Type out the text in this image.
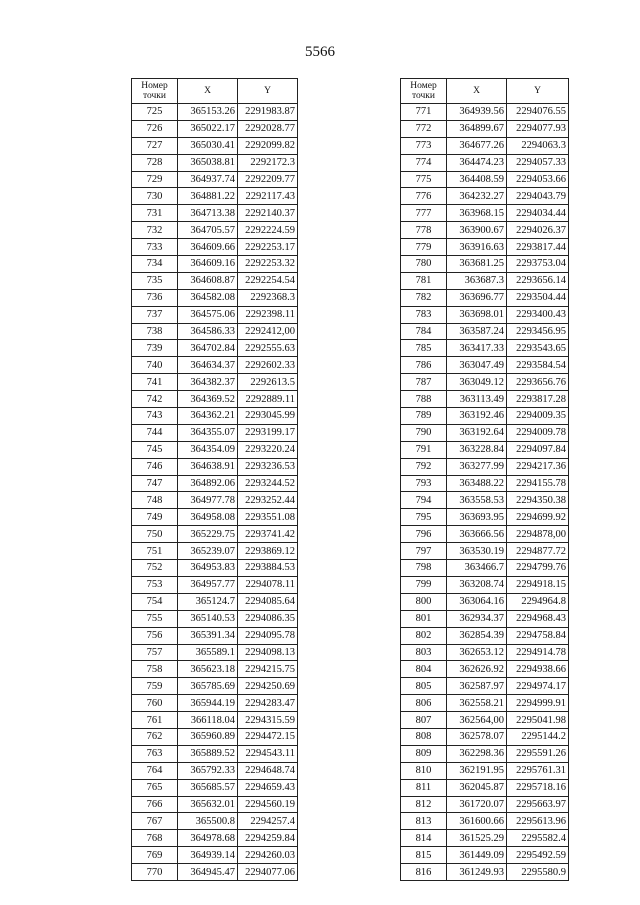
5566
Номер
точки	X	Y
725	365153.26	2291983.87
726	365022.17	2292028.77
727	365030.41	2292099.82
728	365038.81	2292172.3
729	364937.74	2292209.77
730	364881.22	2292117.43
731	364713.38	2292140.37
732	364705.57	2292224.59
733	364609.66	2292253.17
734	364609.16	2292253.32
735	364608.87	2292254.54
736	364582.08	2292368.3
737	364575.06	2292398.11
738	364586.33	2292412,00
739	364702.84	2292555.63
740	364634.37	2292602.33
741	364382.37	2292613.5
742	364369.52	2292889.11
743	364362.21	2293045.99
744	364355.07	2293199.17
745	364354.09	2293220.24
746	364638.91	2293236.53
747	364892.06	2293244.52
748	364977.78	2293252.44
749	364958.08	2293551.08
750	365229.75	2293741.42
751	365239.07	2293869.12
752	364953.83	2293884.53
753	364957.77	2294078.11
754	365124.7	2294085.64
755	365140.53	2294086.35
756	365391.34	2294095.78
757	365589.1	2294098.13
758	365623.18	2294215.75
759	365785.69	2294250.69
760	365944.19	2294283.47
761	366118.04	2294315.59
762	365960.89	2294472.15
763	365889.52	2294543.11
764	365792.33	2294648.74
765	365685.57	2294659.43
766	365632.01	2294560.19
767	365500.8	2294257.4
768	364978.68	2294259.84
769	364939.14	2294260.03
770	364945.47	2294077.06
Номер
точки	X	Y
771	364939.56	2294076.55
772	364899.67	2294077.93
773	364677.26	2294063.3
774	364474.23	2294057.33
775	364408.59	2294053.66
776	364232.27	2294043.79
777	363968.15	2294034.44
778	363900.67	2294026.37
779	363916.63	2293817.44
780	363681.25	2293753.04
781	363687.3	2293656.14
782	363696.77	2293504.44
783	363698.01	2293400.43
784	363587.24	2293456.95
785	363417.33	2293543.65
786	363047.49	2293584.54
787	363049.12	2293656.76
788	363113.49	2293817.28
789	363192.46	2294009.35
790	363192.64	2294009.78
791	363228.84	2294097.84
792	363277.99	2294217.36
793	363488.22	2294155.78
794	363558.53	2294350.38
795	363693.95	2294699.92
796	363666.56	2294878,00
797	363530.19	2294877.72
798	363466.7	2294799.76
799	363208.74	2294918.15
800	363064.16	2294964.8
801	362934.37	2294968.43
802	362854.39	2294758.84
803	362653.12	2294914.78
804	362626.92	2294938.66
805	362587.97	2294974.17
806	362558.21	2294999.91
807	362564,00	2295041.98
808	362578.07	2295144.2
809	362298.36	2295591.26
810	362191.95	2295761.31
811	362045.87	2295718.16
812	361720.07	2295663.97
813	361600.66	2295613.96
814	361525.29	2295582.4
815	361449.09	2295492.59
816	361249.93	2295580.9
